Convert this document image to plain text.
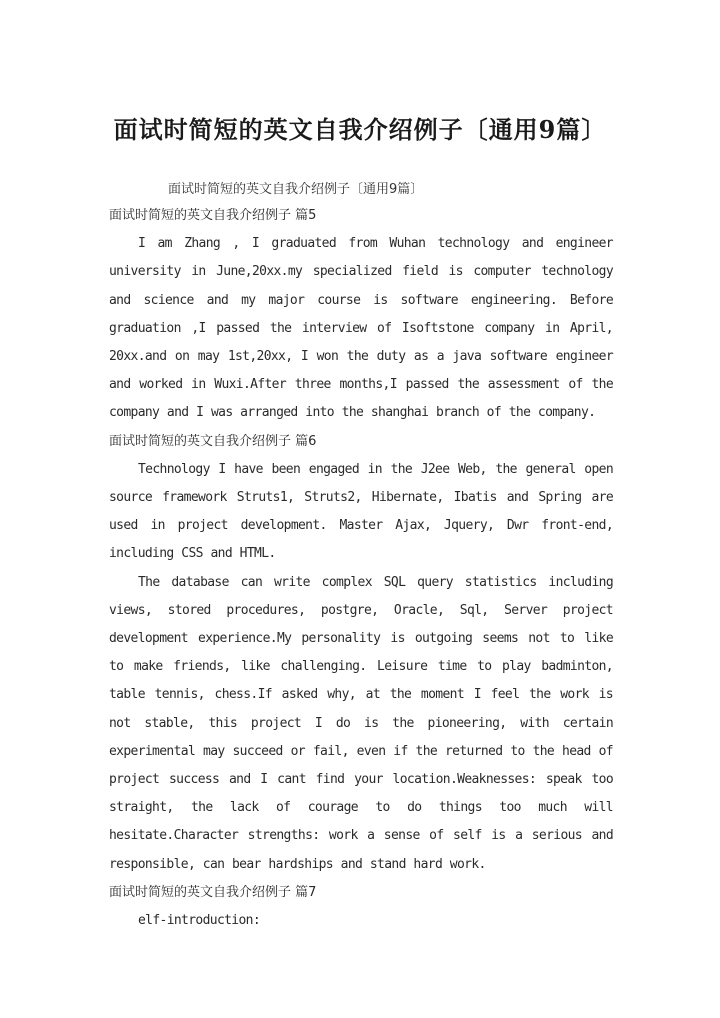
面试时简短的英文自我介绍例子〔通用9篇〕
面试时简短的英文自我介绍例子〔通用9篇〕
面试时简短的英文自我介绍例子 篇5

I am Zhang , I graduated from Wuhan technology and engineer university in June,20xx.my specialized field is computer technology and science and my major course is software engineering. Before graduation ,I passed the interview of Isoftstone company in April, 20xx.and on may 1st,20xx, I won the duty as a java software engineer and worked in Wuxi.After three months,I passed the assessment of the company and I was arranged into the shanghai branch of the company.

面试时简短的英文自我介绍例子 篇6

Technology I have been engaged in the J2ee Web, the general open source framework Struts1, Struts2, Hibernate, Ibatis and Spring are used in project development. Master Ajax, Jquery, Dwr front-end, including CSS and HTML.

The database can write complex SQL query statistics including views, stored procedures, postgre, Oracle, Sql, Server project development experience.My personality is outgoing seems not to like to make friends, like challenging. Leisure time to play badminton, table tennis, chess.If asked why, at the moment I feel the work is not stable, this project I do is the pioneering, with certain experimental may succeed or fail, even if the returned to the head of project success and I cant find your location.Weaknesses: speak too straight, the lack of courage to do things too much will hesitate.Character strengths: work a sense of self is a serious and responsible, can bear hardships and stand hard work.

面试时简短的英文自我介绍例子 篇7

elf-introduction:
